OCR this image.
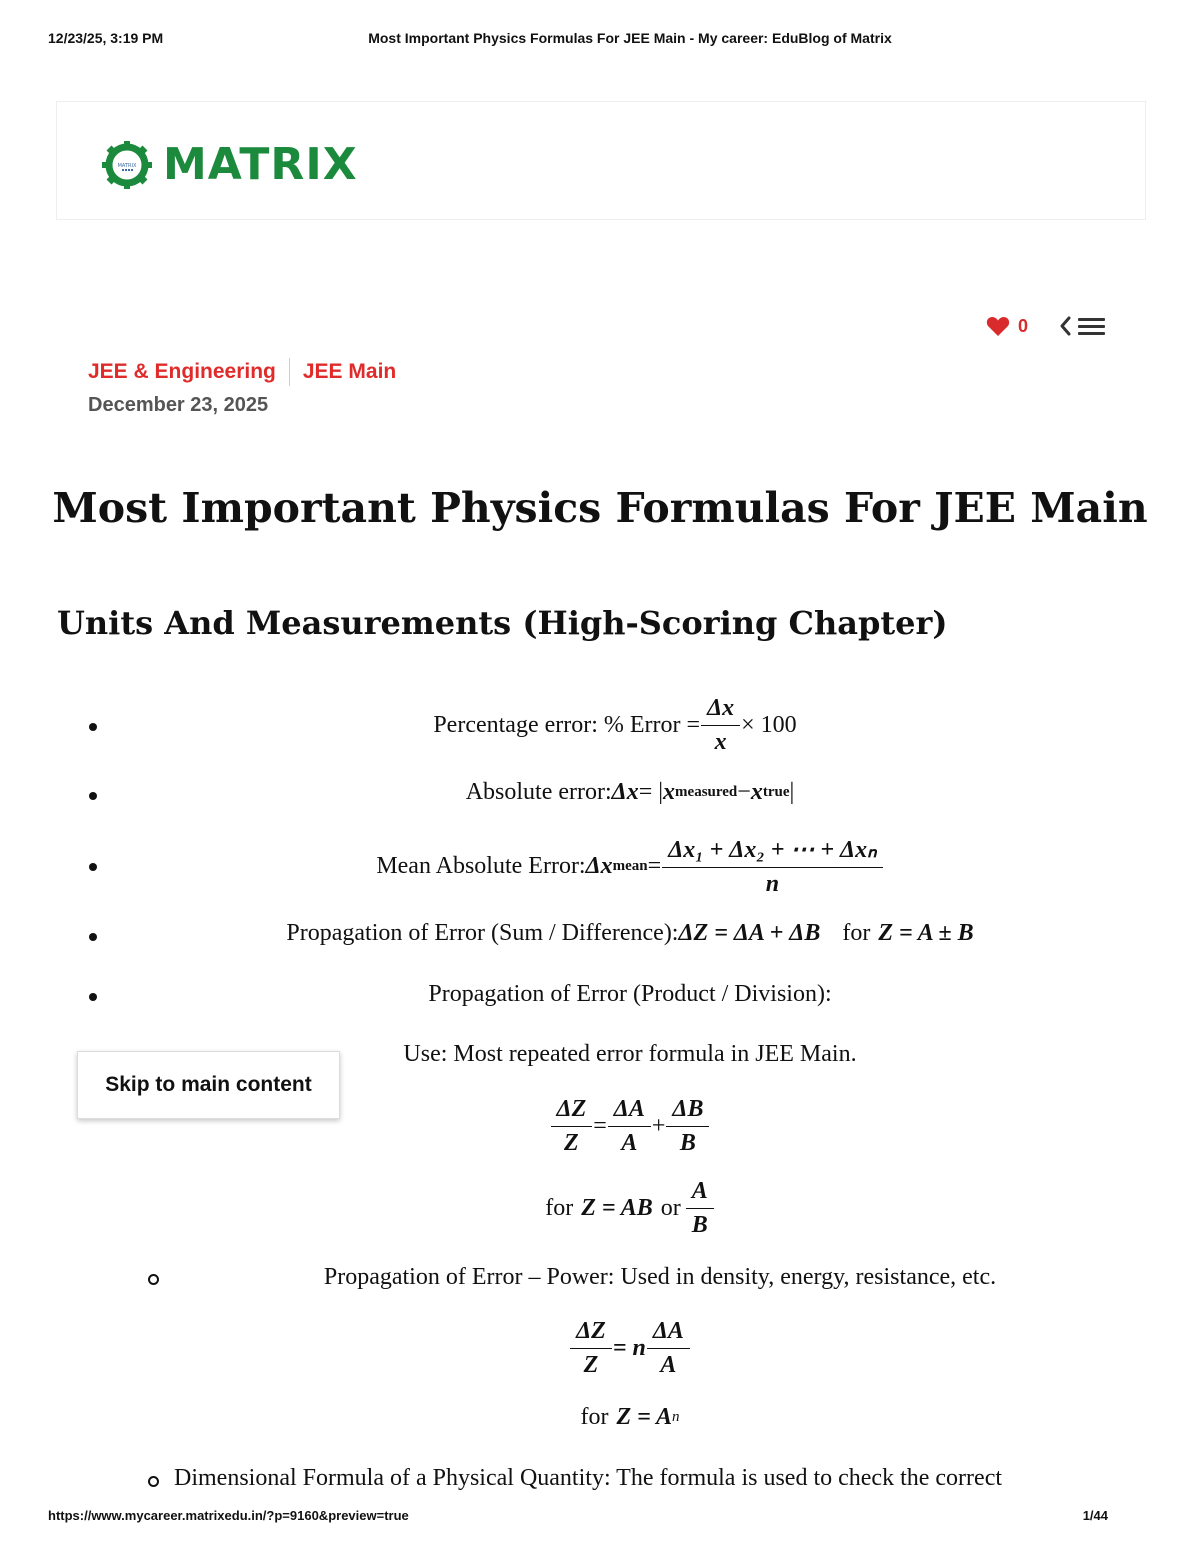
12/23/25, 3:19 PM	Most Important Physics Formulas For JEE Main - My career: EduBlog of Matrix
MATRIX MATRIX
0
JEE & Engineering JEE Main
December 23, 2025
Most Important Physics Formulas For JEE Main
Units And Measurements (High-Scoring Chapter)
Percentage error: % Error = $\frac{\Delta x}{x} \times 100$
Absolute error: Δx = | x measured − x true |
Mean Absolute Error: Δx mean = $\frac{\text{Δx₁ + Δx₂ + ⋯ + Δxₙ}}{n}$
Propagation of Error (Sum / Difference): ΔZ = ΔA + ΔB for Z = A ± B
Propagation of Error (Product / Division):
Use: Most repeated error formula in JEE Main.
$\frac{\Delta Z}{Z} = \frac{\Delta A}{A} + \frac{\Delta B}{B}$
for Z = AB or $\frac{A}{B}$
Skip to main content
Propagation of Error – Power: Used in density, energy, resistance, etc.
$\frac{\Delta Z}{Z} = n \frac{\Delta A}{A}$
for Z = A n
Dimensional Formula of a Physical Quantity: The formula is used to check the correct
https://www.mycareer.matrixedu.in/?p=9160&preview=true	1/44
